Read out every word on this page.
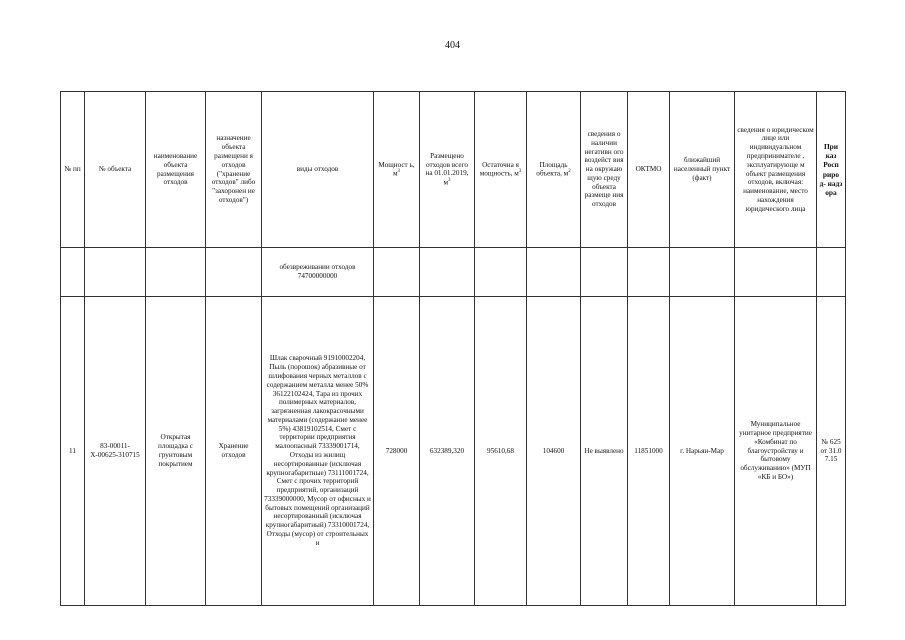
404
№ пп	№ объекта	наименование объекта размещения отходов	назначение объекта размещени я отходов ("хранение отходов" либо "захоронен ие отходов")	виды отходов	Мощност ь, $м^3$	Размещено отходов всего на 01.01.2019, $м^3$	Остаточна я мощность, $м^3$	Площадь объекта, $м^2$	сведения о наличии негативн ого воздейст вия на окружаю щую среду объекта размеще ния отходов	ОКТМО	ближайший населенный пункт (факт)	сведения о юридическом лице или индивидуальном предпринимателе , эксплуатирующе м объект размещения отходов, включая: наименование, место нахождения юридического лица	При каз Росп риро д- надз ора
				обезвреживании отходов 74700000000									
11	83-00011-Х-00625-310715	Открытая площадка с грунтовым покрытием	Хранение отходов	Шлак сварочный 91910002204, Пыль (порошок) абразивные от шлифования черных металлов с содержанием металла менее 50% 36122102424, Тара из прочих полимерных материалов, загрязненная лакокрасочными материалами (содержание менее 5%) 43819102514, Смет с территории предприятия малоопасный 73339001714, Отходы из жилищ несортированные (исключая крупногабаритные) 73111001724, Смет с прочих территорий предприятий, организаций 73339000000, Мусор от офисных и бытовых помещений организаций несортированный (исключая крупногабаритный) 73310001724, Отходы (мусор) от строительных и	728000	632389,320	95610,68	104600	Не выявлено	11851000	г. Нарьян-Мар	Муниципальное унитарное предприятие «Комбинат по благоустройству и бытовому обслуживанию» (МУП «КБ и БО»)	№ 625 от 31.0 7.15
